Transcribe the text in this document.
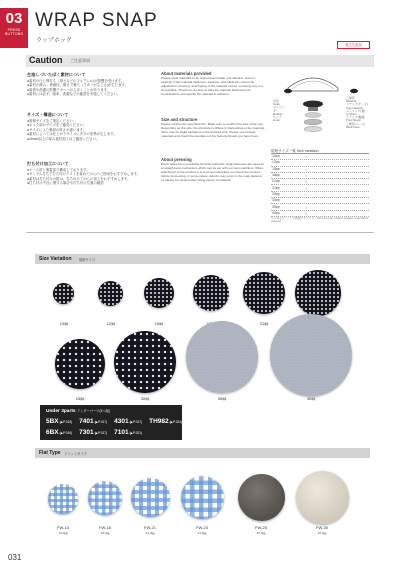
03
PRESS BUTTONS
WRAP SNAP
ラップホック
受注生産品
Caution ご注意事項
生地しづいたぱく素材について
●素材の圧に弾打ち（厚さなどのフォアレル)が影響を受けます。
●素材の薄み・伸縮性、硬さで裏穴（アタリが生じる)が生じます。
●装着や洗濯の影響でカバーから浮くことがあります。
●素材には必ず、縮率、洗濯などの確認を実施してください。
サイズ・構造について
●規格サイズをご指定ください。
●ホック部のサイズをご確認ください。
●サイズにより裏面の厚さが違います。
●素材によっては仕上がりサイズに多少の差異が生じます。
●15mm以上の厚み素材加工はご確認ください。
打ち付け加工について
●ケース部と裏蓋部で構成しております。
●サンプル打ちで打ち付けテストを重ねてからのご使用をおすすめします。
●素材は打ち付けの際は、打ち付けてからの加工をおすすめします。
●打ち付け不良に関する場合や打ち付け位置の確認
About materials provided
Please send materials in an unprocessed state (not washed, dyed or treated). If the material thickness, elasticity, and hardness cannot be adjusted for covering, and fraying of the material occurs, covering may not be possible. Therefore, be sure to take the material thickness into consideration and specify the material in advance.
Size and structure
Please confirm the specified size. Make sure to confirm the size of the cap. Depending on the size, the structure is different. Depending on the material, there may be slight variations in the finished size. Please use heavier materials and check the operation of the buttons should you have them.
About pressing
Press holes are not suitable for thick materials. Snap fasteners are used as an attachment mechanism which can be set with our own machines. When attaching it to the product, it is recommended that you check the product before processing. In some cases, defects may occur in the snap fastener, so please be careful when using pieces of material.
外径
Outer
ゴムリング
Rubber
ホック
Hook
三層部
Material
スナップ(ゲージ)
Cap material
ゴムリング(裏)
Cushion
スナップ(裏蓋)
Post Shank
三層部(ベース)
Back base
規格サイズ一覧 Size variation
10㎜	○
12㎜
15㎜	○
18㎜	○
21㎜	○
23㎜	○
25㎜	○
30㎜
35㎜	○
40㎜	○
※○印はポケットの規格サイズです。Price list only if fabric (custom material) is ordered.
Size Variation 規格サイズ
10㎜	12㎜	15㎜	21㎜
25㎜	30㎜	35㎜	40㎜
Under 3parts アンダーパーツ(3つ組)
5BX(▶P.016) 7401(▶P.017) 4301(▶P.017) TH982(▶P.024)
6BX(▶P.016) 7301(▶P.017) 7101(▶P.021)
Flat Type フラットタイプ
FW-15	FW-18	FW-21	FW-23	FW-25	FW-30
15.0㎜	18.0㎜	21.0㎜	23.0㎜	25.0㎜	30.0㎜
031
